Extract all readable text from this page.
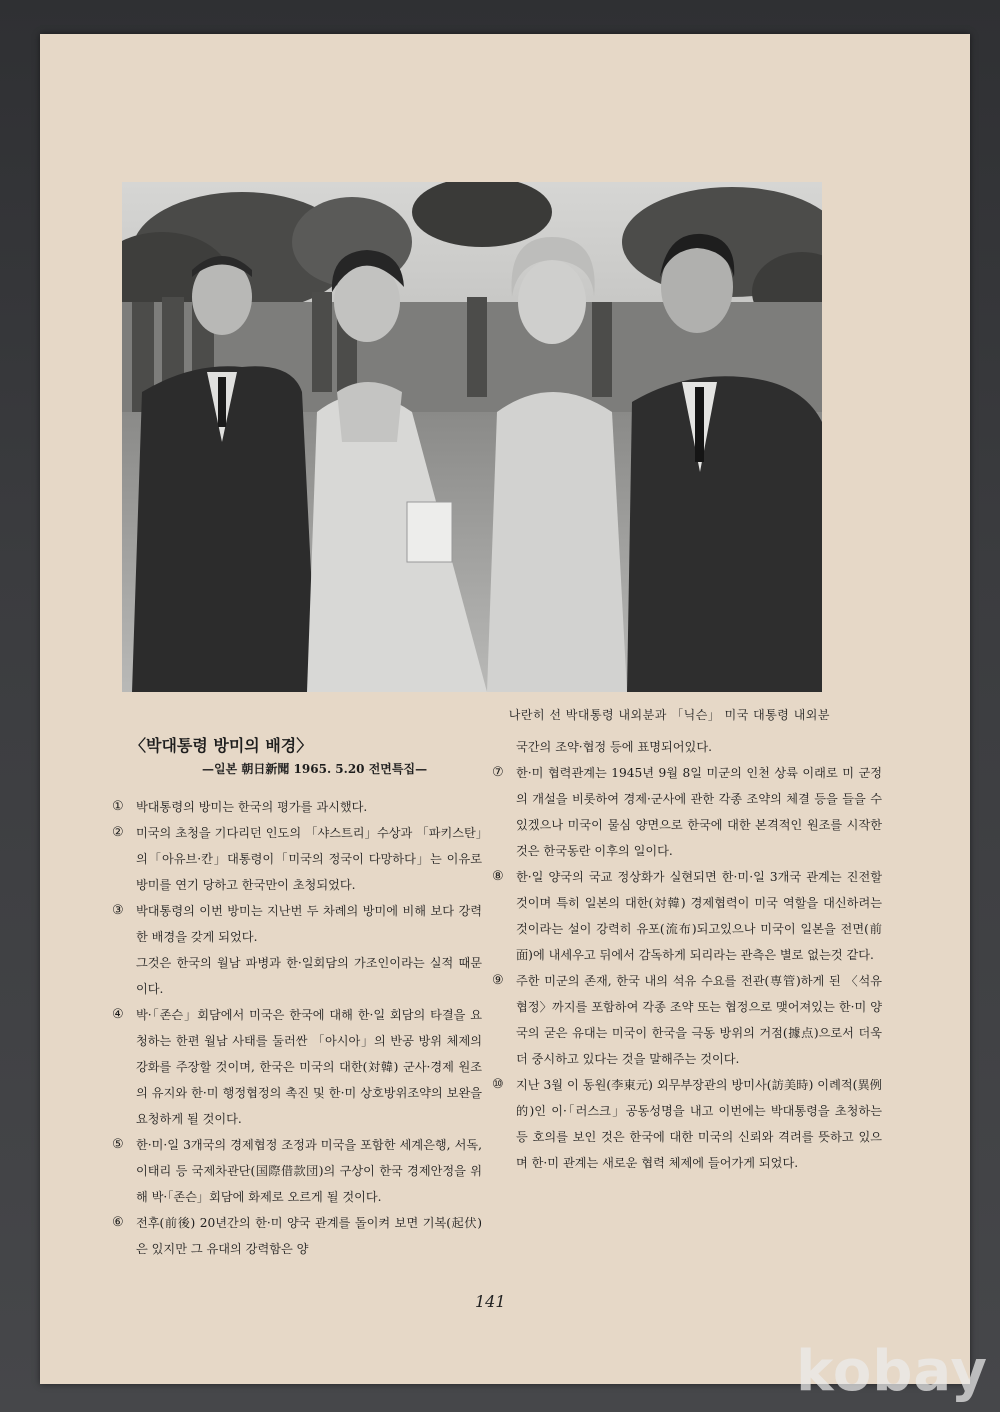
나란히 선 박대통령 내외분과 「닉슨」 미국 대통령 내외분
〈박대통령 방미의 배경〉
—일본 朝日新聞 1965. 5.20 전면특집—
①	박대통령의 방미는 한국의 평가를 과시했다.
②	미국의 초청을 기다리던 인도의 「샤스트리」수상과 「파키스탄」의「아유브·칸」대통령이「미국의 정국이 다망하다」는 이유로 방미를 연기 당하고 한국만이 초청되었다.
③	박대통령의 이번 방미는 지난번 두 차례의 방미에 비해 보다 강력한 배경을 갖게 되었다.
그것은 한국의 월남 파병과 한·일회담의 가조인이라는 실적 때문이다.
④	박·「존슨」회담에서 미국은 한국에 대해 한·일 회담의 타결을 요청하는 한편 월남 사태를 둘러싼 「아시아」의 반공 방위 체제의 강화를 주장할 것이며, 한국은 미국의 대한(対韓) 군사·경제 원조의 유지와 한·미 행정협정의 촉진 및 한·미 상호방위조약의 보완을 요청하게 될 것이다.
⑤	한·미·일 3개국의 경제협정 조정과 미국을 포함한 세계은행, 서독, 이태리 등 국제차관단(国際借款団)의 구상이 한국 경제안정을 위해 박·「존슨」회담에 화제로 오르게 될 것이다.
⑥	전후(前後) 20년간의 한·미 양국 관계를 돌이켜 보면 기복(起伏)은 있지만 그 유대의 강력함은 양
국간의 조약·협정 등에 표명되어있다.
⑦	한·미 협력관계는 1945년 9월 8일 미군의 인천 상륙 이래로 미 군정의 개설을 비롯하여 경제·군사에 관한 각종 조약의 체결 등을 들을 수 있겠으나 미국이 물심 양면으로 한국에 대한 본격적인 원조를 시작한 것은 한국동란 이후의 일이다.
⑧	한·일 양국의 국교 정상화가 실현되면 한·미·일 3개국 관계는 진전할 것이며 특히 일본의 대한(対韓) 경제협력이 미국 역할을 대신하려는 것이라는 설이 강력히 유포(流布)되고있으나 미국이 일본을 전면(前面)에 내세우고 뒤에서 감독하게 되리라는 관측은 별로 없는것 같다.
⑨	주한 미군의 존재, 한국 내의 석유 수요를 전관(専管)하게 된 〈석유협정〉까지를 포함하여 각종 조약 또는 협정으로 맺어져있는 한·미 양국의 굳은 유대는 미국이 한국을 극동 방위의 거점(據点)으로서 더욱 더 중시하고 있다는 것을 말해주는 것이다.
⑩	지난 3월 이 동원(李東元) 외무부장관의 방미사(訪美時) 이례적(異例的)인 이·「러스크」공동성명을 내고 이번에는 박대통령을 초청하는 등 호의를 보인 것은 한국에 대한 미국의 신뢰와 격려를 뜻하고 있으며 한·미 관계는 새로운 협력 체제에 들어가게 되었다.
141
kobay
